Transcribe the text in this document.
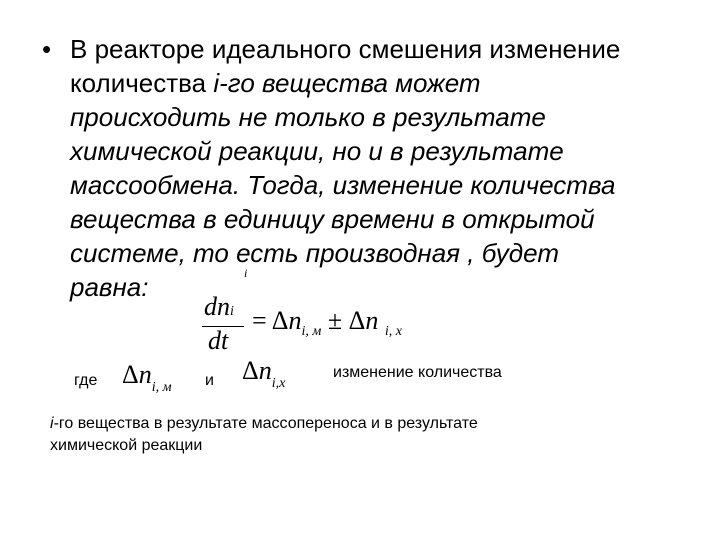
• В реакторе идеального смешения изменение
количества i-го вещества может
происходить не только в результате
химической реакции, но и в результате
массообмена. Тогда, изменение количества
вещества в единицу времени в открытой
системе, то есть производная , будет
равна:	i
dni
dt
= $\Delta n_{i, м} \pm \Delta n$ $_{i, x}$
где $\Delta n_{i, м}$ и $\Delta n_{i,x}$
изменение количества
i-го вещества в результате массопереноса и в результате
химической реакции
